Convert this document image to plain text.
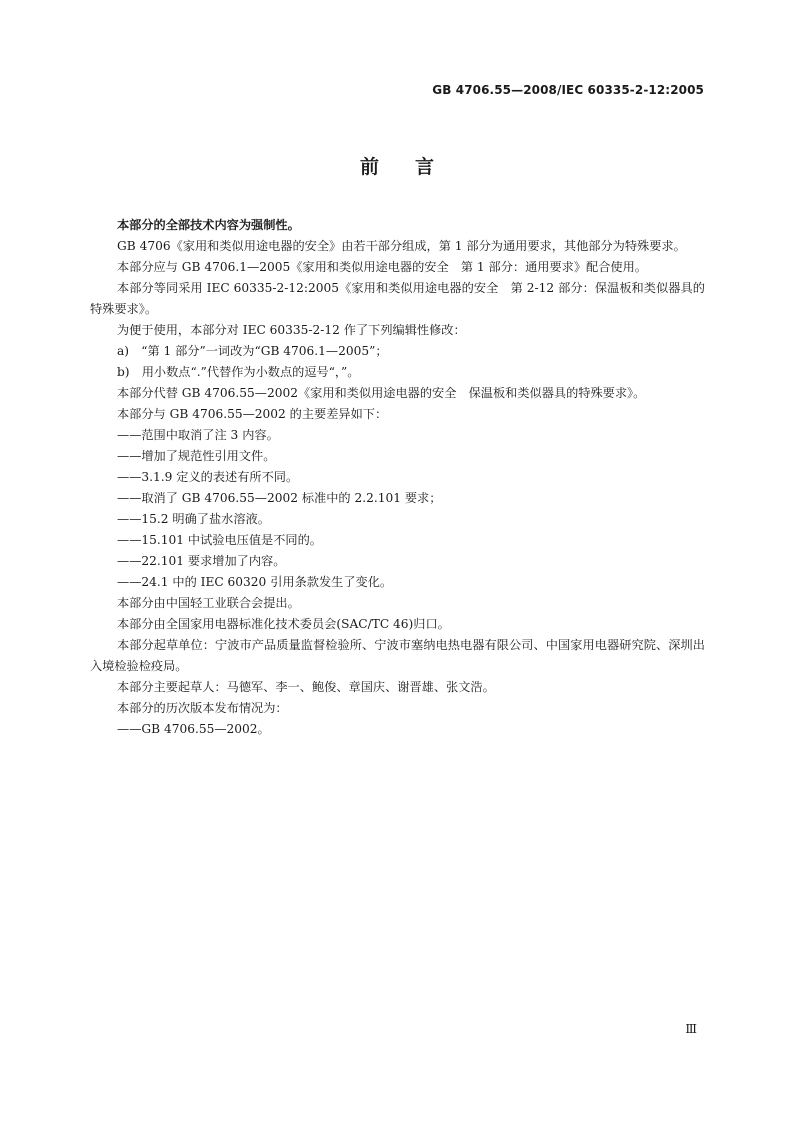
GB 4706.55—2008/IEC 60335-2-12:2005
前言

本部分的全部技术内容为强制性。

GB 4706《家用和类似用途电器的安全》由若干部分组成，第 1 部分为通用要求，其他部分为特殊要求。

本部分应与 GB 4706.1—2005《家用和类似用途电器的安全　第 1 部分：通用要求》配合使用。

本部分等同采用 IEC 60335-2-12:2005《家用和类似用途电器的安全　第 2-12 部分：保温板和类似器具的特殊要求》。

为便于使用，本部分对 IEC 60335-2-12 作了下列编辑性修改：

a)　“第 1 部分”一词改为“GB 4706.1—2005”；

b)　用小数点“.”代替作为小数点的逗号“，”。

本部分代替 GB 4706.55—2002《家用和类似用途电器的安全　保温板和类似器具的特殊要求》。

本部分与 GB 4706.55—2002 的主要差异如下：

——范围中取消了注 3 内容。

——增加了规范性引用文件。

——3.1.9 定义的表述有所不同。

——取消了 GB 4706.55—2002 标准中的 2.2.101 要求；

——15.2 明确了盐水溶液。

——15.101 中试验电压值是不同的。

——22.101 要求增加了内容。

——24.1 中的 IEC 60320 引用条款发生了变化。

本部分由中国轻工业联合会提出。

本部分由全国家用电器标准化技术委员会(SAC/TC 46)归口。

本部分起草单位：宁波市产品质量监督检验所、宁波市塞纳电热电器有限公司、中国家用电器研究院、深圳出入境检验检疫局。

本部分主要起草人：马德军、李一、鲍俊、章国庆、谢晋雄、张文浩。

本部分的历次版本发布情况为：

——GB 4706.55—2002。

Ⅲ
